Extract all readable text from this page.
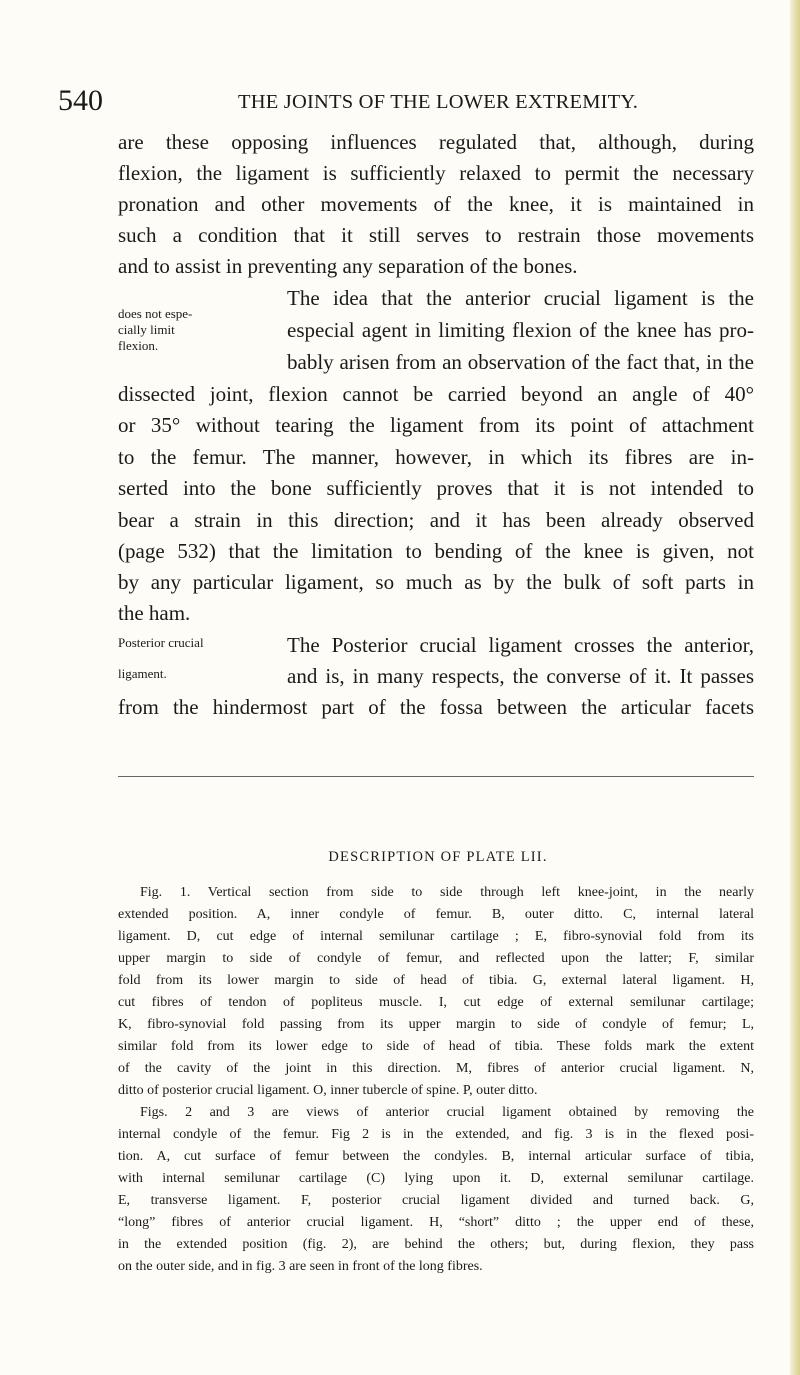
540	THE JOINTS OF THE LOWER EXTREMITY.
are these opposing influences regulated that, although, during
flexion, the ligament is sufficiently relaxed to permit the necessary
pronation and other movements of the knee, it is maintained in
such a condition that it still serves to restrain those movements
and to assist in preventing any separation of the bones.
The idea that the anterior crucial ligament is the
especial agent in limiting flexion of the knee has pro-
bably arisen from an observation of the fact that, in the
dissected joint, flexion cannot be carried beyond an angle of 40°
or 35° without tearing the ligament from its point of attachment
to the femur. The manner, however, in which its fibres are in-
serted into the bone sufficiently proves that it is not intended to
bear a strain in this direction; and it has been already observed
(page 532) that the limitation to bending of the knee is given, not
by any particular ligament, so much as by the bulk of soft parts in
the ham.
The Posterior crucial ligament crosses the anterior,
and is, in many respects, the converse of it. It passes
from the hindermost part of the fossa between the articular facets
does not espe-
cially limit
flexion.
Posterior crucial
ligament.
DESCRIPTION OF PLATE LII.
Fig. 1. Vertical section from side to side through left knee-joint, in the nearly
extended position. A, inner condyle of femur. B, outer ditto. C, internal lateral
ligament. D, cut edge of internal semilunar cartilage ; E, fibro-synovial fold from its
upper margin to side of condyle of femur, and reflected upon the latter; F, similar
fold from its lower margin to side of head of tibia. G, external lateral ligament. H,
cut fibres of tendon of popliteus muscle. I, cut edge of external semilunar cartilage;
K, fibro-synovial fold passing from its upper margin to side of condyle of femur; L,
similar fold from its lower edge to side of head of tibia. These folds mark the extent
of the cavity of the joint in this direction. M, fibres of anterior crucial ligament. N,
ditto of posterior crucial ligament. O, inner tubercle of spine. P, outer ditto.
Figs. 2 and 3 are views of anterior crucial ligament obtained by removing the
internal condyle of the femur. Fig 2 is in the extended, and fig. 3 is in the flexed posi-
tion. A, cut surface of femur between the condyles. B, internal articular surface of tibia,
with internal semilunar cartilage (C) lying upon it. D, external semilunar cartilage.
E, transverse ligament. F, posterior crucial ligament divided and turned back. G,
“long” fibres of anterior crucial ligament. H, “short” ditto ; the upper end of these,
in the extended position (fig. 2), are behind the others; but, during flexion, they pass
on the outer side, and in fig. 3 are seen in front of the long fibres.
